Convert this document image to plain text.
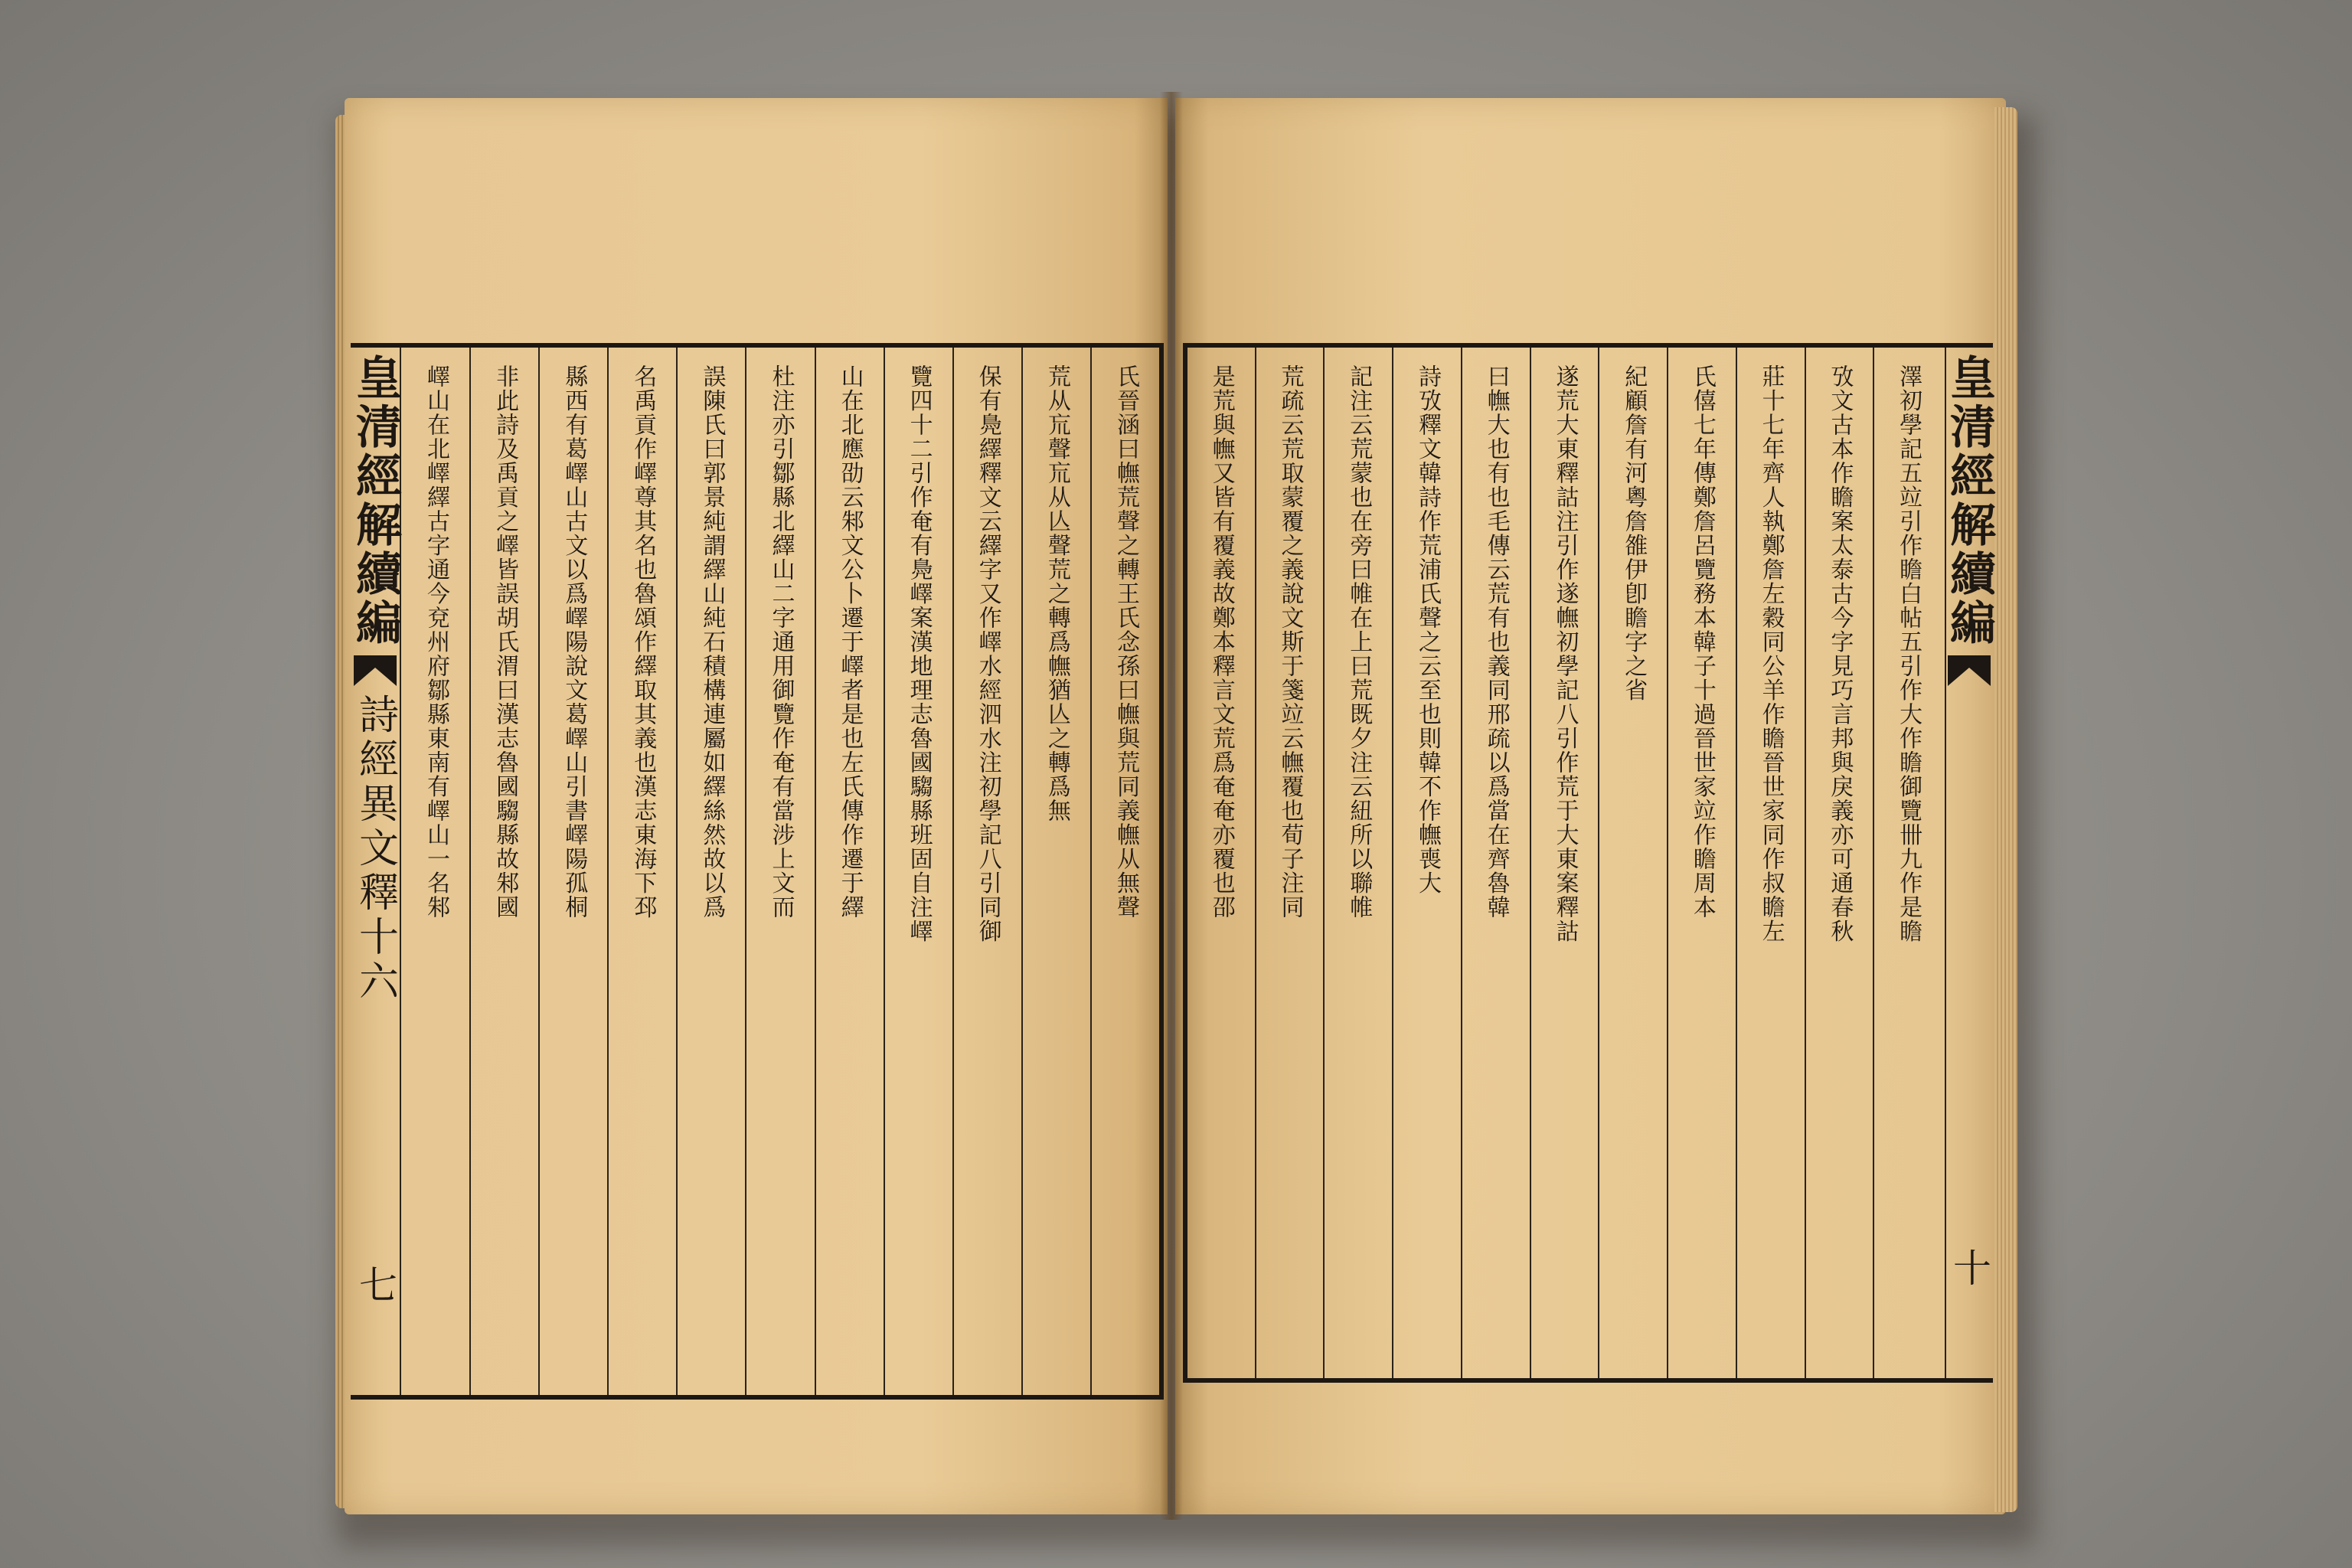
皇清經解續編
詩經異文釋十六
七
氏晉涵曰幠荒聲之轉王氏念孫曰幠與荒同義幠从無聲
荒从巟聲巟从亾聲荒之轉爲幠猶亾之轉爲無
保有鳧繹釋文云繹字又作嶧水經泗水注初學記八引同御
覽四十二引作奄有鳧嶧案漢地理志魯國騶縣班固自注嶧
山在北應劭云邾文公卜遷于嶧者是也左氏傳作遷于繹
杜注亦引鄒縣北繹山二字通用御覽作奄有當涉上文而
誤陳氏曰郭景純謂繹山純石積構連屬如繹絲然故以爲
名禹貢作嶧尊其名也魯頌作繹取其義也漢志東海下邳
縣西有葛嶧山古文以爲嶧陽說文葛嶧山引書嶧陽孤桐
非此詩及禹貢之嶧皆誤胡氏渭曰漢志魯國騶縣故邾國
嶧山在北嶧繹古字通今兗州府鄒縣東南有嶧山一名邾	皇清經解續編
十
澤初學記五竝引作瞻白帖五引作大作瞻御覽卌九作是瞻
攷文古本作瞻案太泰古今字見巧言邦與戾義亦可通春秋
莊十七年齊人執鄭詹左穀同公羊作瞻晉世家同作叔瞻左
氏僖七年傳鄭詹呂覽務本韓子十過晉世家竝作瞻周本
紀顧詹有河粵詹雒伊卽瞻字之省
遂荒大東釋詁注引作遂幠初學記八引作荒于大東案釋詁
曰幠大也有也毛傳云荒有也義同邢疏以爲當在齊魯韓
詩攷釋文韓詩作荒浦氏聲之云至也則韓不作幠喪大
記注云荒蒙也在旁曰帷在上曰荒既夕注云紐所以聯帷
荒疏云荒取蒙覆之義說文斯于箋竝云幠覆也荀子注同
是荒與幠又皆有覆義故鄭本釋言文荒爲奄奄亦覆也邵
